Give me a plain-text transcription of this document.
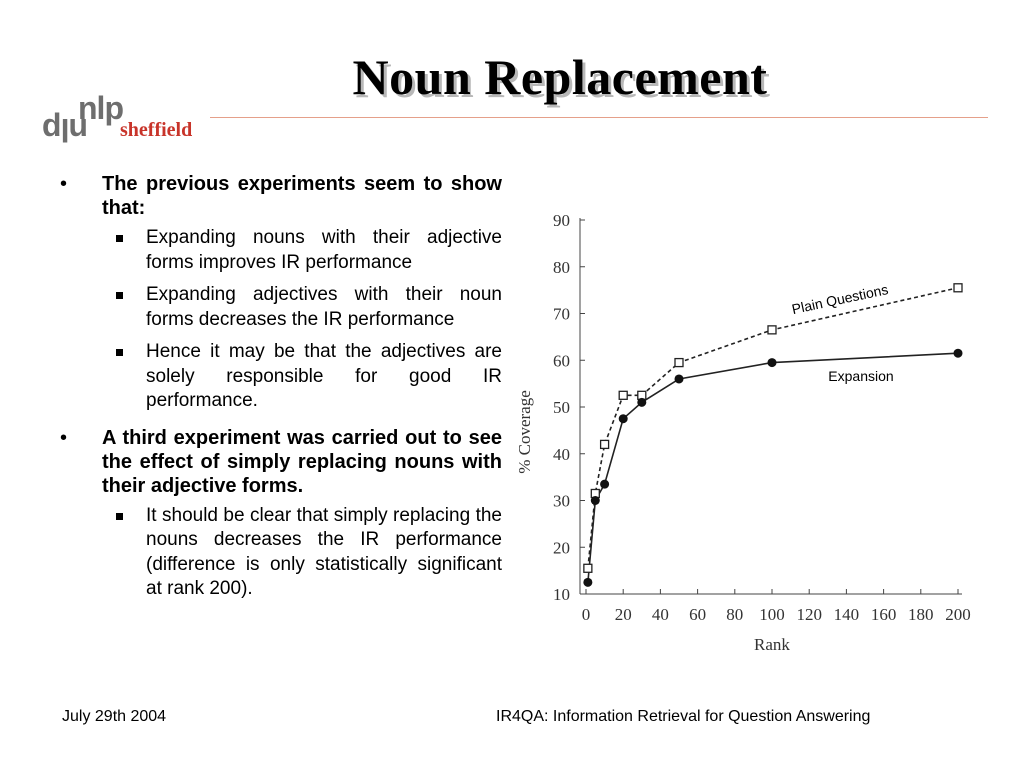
Noun Replacement
nlp
nlp sheffield
• The previous experiments seem to show that:
Expanding nouns with their adjective forms improves IR performance
Expanding adjectives with their noun forms decreases the IR performance
Hence it may be that the adjectives are solely responsible for good IR performance.
• A third experiment was carried out to see the effect of simply replacing nouns with their adjective forms.
It should be clear that simply replacing the nouns decreases the IR performance (difference is only statistically significant at rank 200).	10
20
30
40
50
60
70
80
90
0 20 40 60 80 100 120 140 160 180 200
Rank
% Coverage
Plain Questions
Expansion
July 29th 2004	IR4QA: Information Retrieval for Question Answering
